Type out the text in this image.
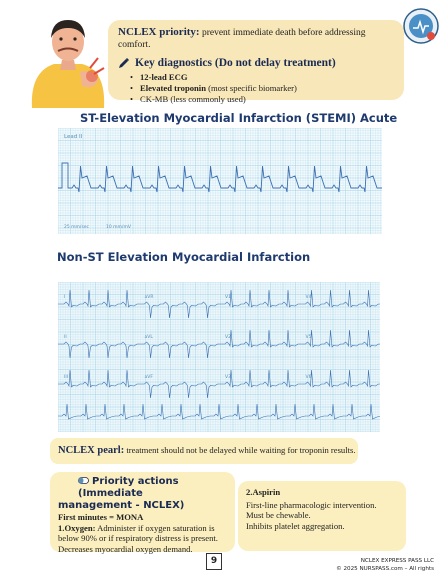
NCLEX priority: prevent immediate death before addressing comfort.
Key diagnostics (Do not delay treatment)
• 12-lead ECG
• Elevated troponin (most specific biomarker)
• CK-MB (less commonly used)
ST-Elevation Myocardial Infarction (STEMI) Acute
Lead II
25 mm/sec	10 mm/mV
Non-ST Elevation Myocardial Infarction
I	aVR	V1	V4
II	aVL	V2	V5
III	aVF	V3	V6
NCLEX pearl: treatment should not be delayed while waiting for troponin results.
Priority actions (Immediate
management - NCLEX)
First minutes = MONA
1.Oxygen: Administer if oxygen saturation is below 90% or if respiratory distress is present. Decreases myocardial oxygen demand.
2.Aspirin
First-line pharmacologic intervention.
Must be chewable.
Inhibits platelet aggregation.
9	NCLEX EXPRESS PASS LLC
© 2025 NURSPASS.com – All rights
